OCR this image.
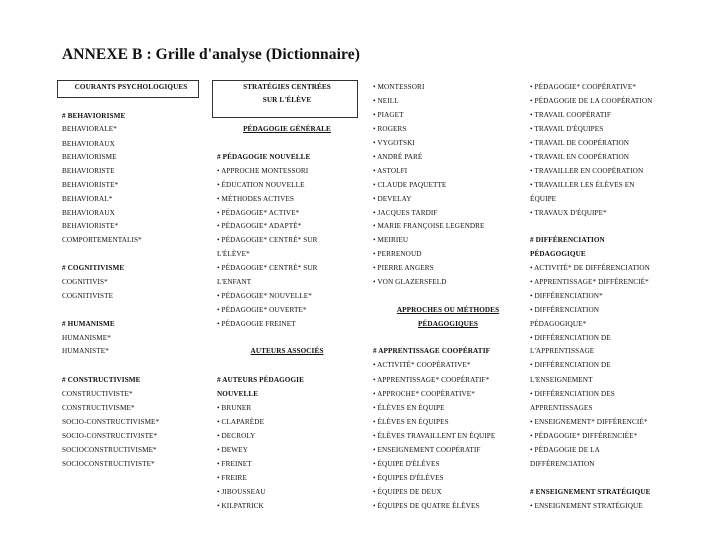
ANNEXE B : Grille d'analyse (Dictionnaire)
COURANTS PSYCHOLOGIQUES
# BEHAVIORISME
BEHAVIORALE*
BEHAVIORAUX
BEHAVIORISME
BEHAVIORISTE
BEHAVIORISTE*
BEHAVIORAL*
BEHAVIORAUX
BEHAVIORISTE*
COMPORTEMENTALIS*
# COGNITIVISME
COGNITIVIS*
COGNITIVISTE
# HUMANISME
HUMANISME*
HUMANISTE*
# CONSTRUCTIVISME
CONSTRUCTIVISTE*
CONSTRUCTIVISME*
SOCIO-CONSTRUCTIVISME*
SOCIO-CONSTRUCTIVISTE*
SOCIOCONSTRUCTIVISME*
SOCIOCONSTRUCTIVISTE*
STRATÉGIES CENTRÉES
SUR L'ÉLÈVE
PÉDAGOGIE GÉNÉRALE
# PÉDAGOGIE NOUVELLE
• APPROCHE MONTESSORI
• ÉDUCATION NOUVELLE
• MÉTHODES ACTIVES
• PÉDAGOGIE* ACTIVE*
• PÉDAGOGIE* ADAPTÉ*
• PÉDAGOGIE* CENTRÉ* SUR
L'ÉLÈVE*
• PÉDAGOGIE* CENTRÉ* SUR
L'ENFANT
• PÉDAGOGIE* NOUVELLE*
• PÉDAGOGIE* OUVERTE*
• PÉDAGOGIE FREINET
AUTEURS ASSOCIÉS
# AUTEURS PÉDAGOGIE
NOUVELLE
• BRUNER
• CLAPARÈDE
• DECROLY
• DEWEY
• FREINET
• FREIRE
• JIBOUSSEAU
• KILPATRICK
• MONTESSORI
• NEILL
• PIAGET
• ROGERS
• VYGOTSKI
• ANDRÉ PARÉ
• ASTOLFI
• CLAUDE PAQUETTE
• DEVELAY
• JACQUES TARDIF
• MARIE FRANÇOISE LEGENDRE
• MEIRIEU
• PERRENOUD
• PIERRE ANGERS
• VON GLAZERSFELD
APPROCHES OU MÉTHODES
PÉDAGOGIQUES
# APPRENTISSAGE COOPÉRATIF
• ACTIVITÉ* COOPÉRATIVE*
• APPRENTISSAGE* COOPÉRATIF*
• APPROCHE* COOPÉRATIVE*
• ÉLÈVES EN ÉQUIPE
• ÉLÈVES EN ÉQUIPES
• ÉLÈVES TRAVAILLENT EN ÉQUIPE
• ENSEIGNEMENT COOPÉRATIF
• ÉQUIPE D'ÉLÈVES
• ÉQUIPES D'ÉLÈVES
• ÉQUIPES DE DEUX
• ÉQUIPES DE QUATRE ÉLÈVES
• PÉDAGOGIE* COOPÉRATIVE*
• PÉDAGOGIE DE LA COOPÉRATION
• TRAVAIL COOPÉRATIF
• TRAVAIL D'ÉQUIPES
• TRAVAIL DE COOPÉRATION
• TRAVAIL EN COOPÉRATION
• TRAVAILLER EN COOPÉRATION
• TRAVAILLER LES ÉLÈVES EN
ÉQUIPE
• TRAVAUX D'ÉQUIPE*
# DIFFÉRENCIATION
PÉDAGOGIQUE
• ACTIVITÉ* DE DIFFÉRENCIATION
• APPRENTISSAGE* DIFFÉRENCIÉ*
• DIFFÉRENCIATION*
• DIFFÉRENCIATION
PÉDAGOGIQUE*
• DIFFÉRENCIATION DE
L'APPRENTISSAGE
• DIFFÉRENCIATION DE
L'ENSEIGNEMENT
• DIFFÉRENCIATION DES
APPRENTISSAGES
• ENSEIGNEMENT* DIFFÉRENCIÉ*
• PÉDAGOGIE* DIFFÉRENCIÉE*
• PÉDAGOGIE DE LA
DIFFÉRENCIATION
# ENSEIGNEMENT STRATÉGIQUE
• ENSEIGNEMENT STRATÉGIQUE
